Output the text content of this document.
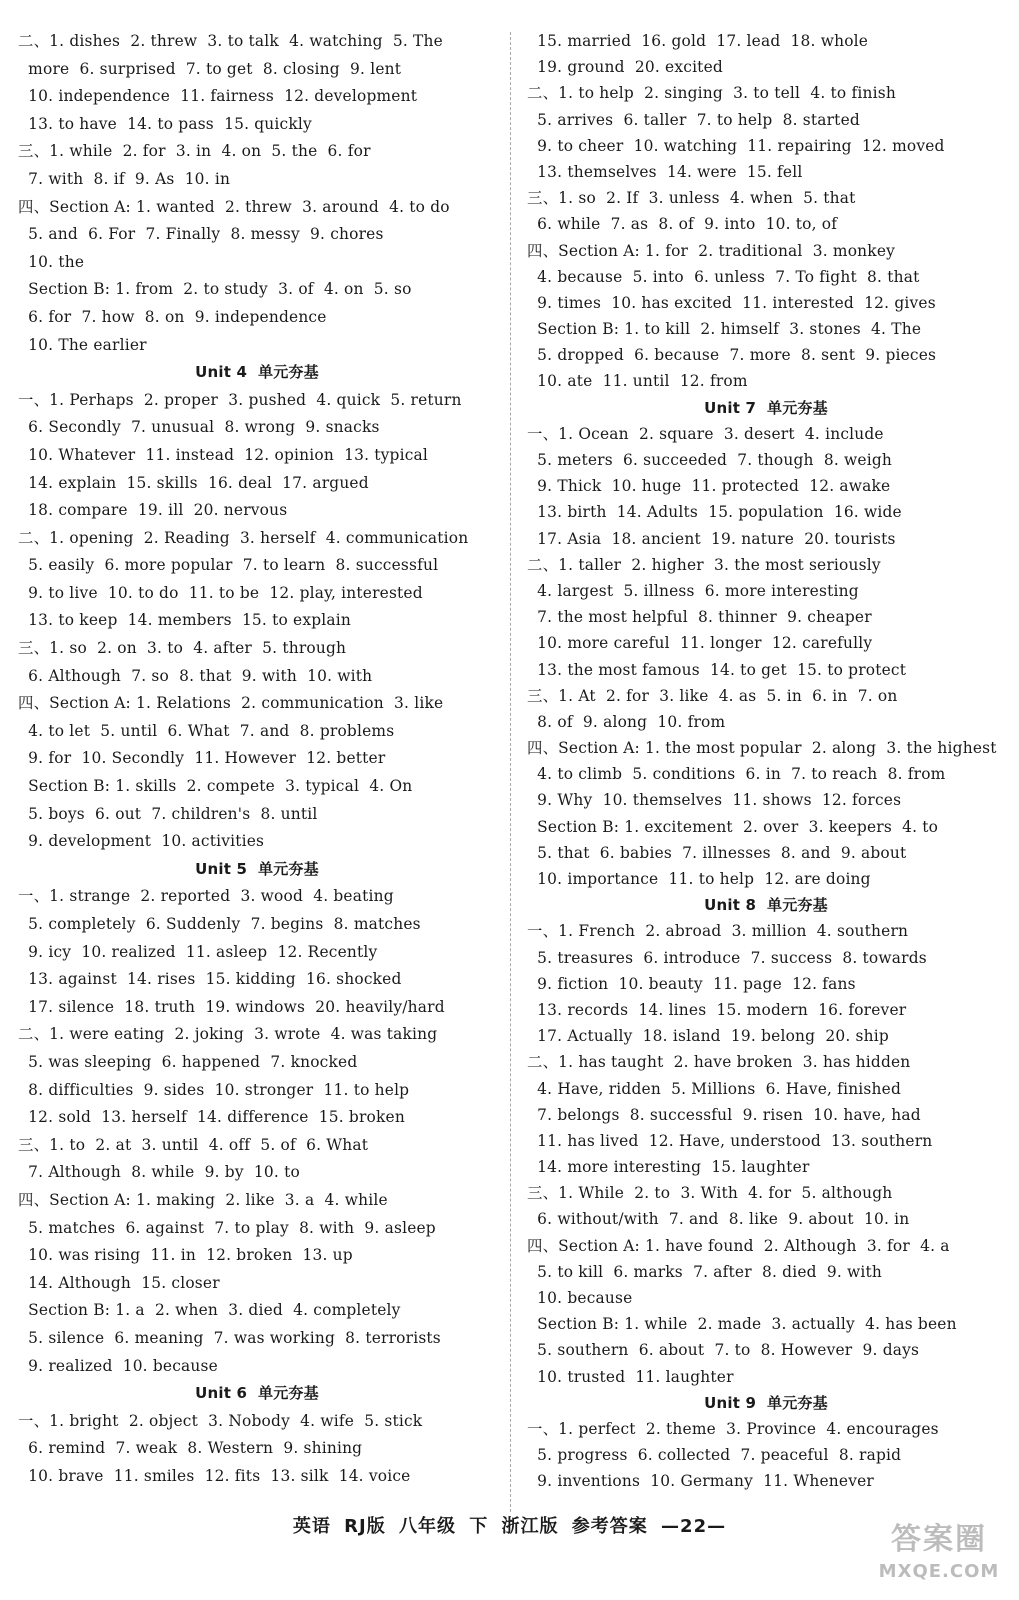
二、1. dishes  2. threw  3. to talk  4. watching  5. The
more  6. surprised  7. to get  8. closing  9. lent
10. independence  11. fairness  12. development
13. to have  14. to pass  15. quickly
三、1. while  2. for  3. in  4. on  5. the  6. for
7. with  8. if  9. As  10. in
四、Section A: 1. wanted  2. threw  3. around  4. to do
5. and  6. For  7. Finally  8. messy  9. chores
10. the
Section B: 1. from  2. to study  3. of  4. on  5. so
6. for  7. how  8. on  9. independence
10. The earlier
Unit 4  单元夯基
一、1. Perhaps  2. proper  3. pushed  4. quick  5. return
6. Secondly  7. unusual  8. wrong  9. snacks
10. Whatever  11. instead  12. opinion  13. typical
14. explain  15. skills  16. deal  17. argued
18. compare  19. ill  20. nervous
二、1. opening  2. Reading  3. herself  4. communication
5. easily  6. more popular  7. to learn  8. successful
9. to live  10. to do  11. to be  12. play, interested
13. to keep  14. members  15. to explain
三、1. so  2. on  3. to  4. after  5. through
6. Although  7. so  8. that  9. with  10. with
四、Section A: 1. Relations  2. communication  3. like
4. to let  5. until  6. What  7. and  8. problems
9. for  10. Secondly  11. However  12. better
Section B: 1. skills  2. compete  3. typical  4. On
5. boys  6. out  7. children's  8. until
9. development  10. activities
Unit 5  单元夯基
一、1. strange  2. reported  3. wood  4. beating
5. completely  6. Suddenly  7. begins  8. matches
9. icy  10. realized  11. asleep  12. Recently
13. against  14. rises  15. kidding  16. shocked
17. silence  18. truth  19. windows  20. heavily/hard
二、1. were eating  2. joking  3. wrote  4. was taking
5. was sleeping  6. happened  7. knocked
8. difficulties  9. sides  10. stronger  11. to help
12. sold  13. herself  14. difference  15. broken
三、1. to  2. at  3. until  4. off  5. of  6. What
7. Although  8. while  9. by  10. to
四、Section A: 1. making  2. like  3. a  4. while
5. matches  6. against  7. to play  8. with  9. asleep
10. was rising  11. in  12. broken  13. up
14. Although  15. closer
Section B: 1. a  2. when  3. died  4. completely
5. silence  6. meaning  7. was working  8. terrorists
9. realized  10. because
Unit 6  单元夯基
一、1. bright  2. object  3. Nobody  4. wife  5. stick
6. remind  7. weak  8. Western  9. shining
10. brave  11. smiles  12. fits  13. silk  14. voice
15. married  16. gold  17. lead  18. whole
19. ground  20. excited
二、1. to help  2. singing  3. to tell  4. to finish
5. arrives  6. taller  7. to help  8. started
9. to cheer  10. watching  11. repairing  12. moved
13. themselves  14. were  15. fell
三、1. so  2. If  3. unless  4. when  5. that
6. while  7. as  8. of  9. into  10. to, of
四、Section A: 1. for  2. traditional  3. monkey
4. because  5. into  6. unless  7. To fight  8. that
9. times  10. has excited  11. interested  12. gives
Section B: 1. to kill  2. himself  3. stones  4. The
5. dropped  6. because  7. more  8. sent  9. pieces
10. ate  11. until  12. from
Unit 7  单元夯基
一、1. Ocean  2. square  3. desert  4. include
5. meters  6. succeeded  7. though  8. weigh
9. Thick  10. huge  11. protected  12. awake
13. birth  14. Adults  15. population  16. wide
17. Asia  18. ancient  19. nature  20. tourists
二、1. taller  2. higher  3. the most seriously
4. largest  5. illness  6. more interesting
7. the most helpful  8. thinner  9. cheaper
10. more careful  11. longer  12. carefully
13. the most famous  14. to get  15. to protect
三、1. At  2. for  3. like  4. as  5. in  6. in  7. on
8. of  9. along  10. from
四、Section A: 1. the most popular  2. along  3. the highest
4. to climb  5. conditions  6. in  7. to reach  8. from
9. Why  10. themselves  11. shows  12. forces
Section B: 1. excitement  2. over  3. keepers  4. to
5. that  6. babies  7. illnesses  8. and  9. about
10. importance  11. to help  12. are doing
Unit 8  单元夯基
一、1. French  2. abroad  3. million  4. southern
5. treasures  6. introduce  7. success  8. towards
9. fiction  10. beauty  11. page  12. fans
13. records  14. lines  15. modern  16. forever
17. Actually  18. island  19. belong  20. ship
二、1. has taught  2. have broken  3. has hidden
4. Have, ridden  5. Millions  6. Have, finished
7. belongs  8. successful  9. risen  10. have, had
11. has lived  12. Have, understood  13. southern
14. more interesting  15. laughter
三、1. While  2. to  3. With  4. for  5. although
6. without/with  7. and  8. like  9. about  10. in
四、Section A: 1. have found  2. Although  3. for  4. a
5. to kill  6. marks  7. after  8. died  9. with
10. because
Section B: 1. while  2. made  3. actually  4. has been
5. southern  6. about  7. to  8. However  9. days
10. trusted  11. laughter
Unit 9  单元夯基
一、1. perfect  2. theme  3. Province  4. encourages
5. progress  6. collected  7. peaceful  8. rapid
9. inventions  10. Germany  11. Whenever
英语 RJ版 八年级 下 浙江版 参考答案 —22—	答案圈
MXQE.COM
